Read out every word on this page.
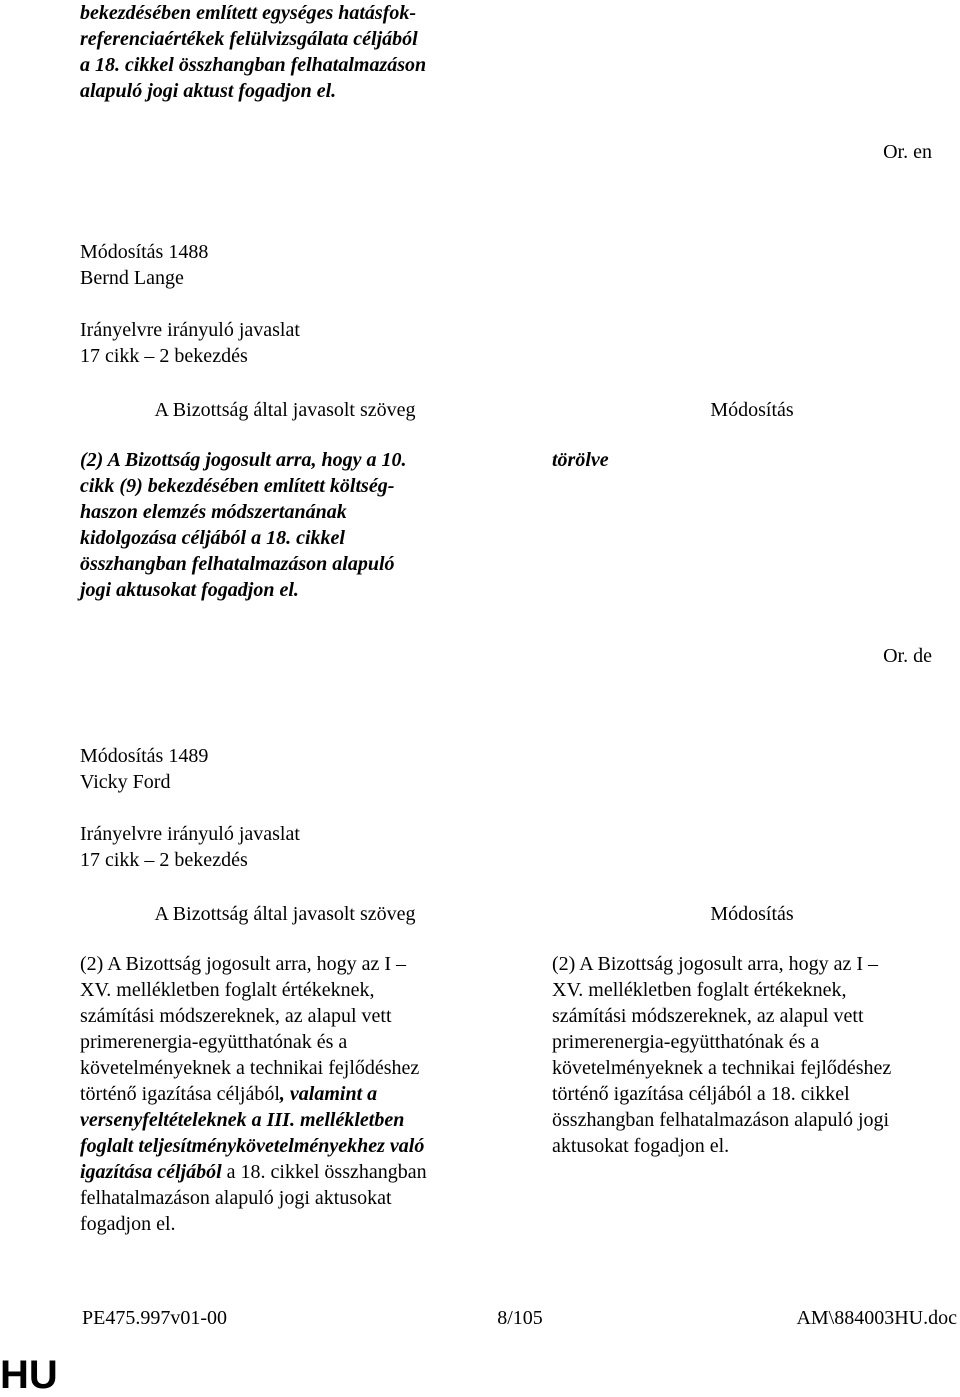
bekezdésében említett egységes hatásfok-
referenciaértékek felülvizsgálata céljából
a 18. cikkel összhangban felhatalmazáson
alapuló jogi aktust fogadjon el.
Or. en
Módosítás 1488
Bernd Lange
Irányelvre irányuló javaslat
17 cikk – 2 bekezdés
A Bizottság által javasolt szöveg	Módosítás
(2) A Bizottság jogosult arra, hogy a 10.
cikk (9) bekezdésében említett költség-
haszon elemzés módszertanának
kidolgozása céljából a 18. cikkel
összhangban felhatalmazáson alapuló
jogi aktusokat fogadjon el.
törölve
Or. de
Módosítás 1489
Vicky Ford
Irányelvre irányuló javaslat
17 cikk – 2 bekezdés
A Bizottság által javasolt szöveg	Módosítás
(2) A Bizottság jogosult arra, hogy az I –
XV. mellékletben foglalt értékeknek,
számítási módszereknek, az alapul vett
primerenergia-együtthatónak és a
követelményeknek a technikai fejlődéshez
történő igazítása céljából, valamint a
versenyfeltételeknek a III. mellékletben
foglalt teljesítménykövetelményekhez való
igazítása céljából a 18. cikkel összhangban
felhatalmazáson alapuló jogi aktusokat
fogadjon el.
(2) A Bizottság jogosult arra, hogy az I –
XV. mellékletben foglalt értékeknek,
számítási módszereknek, az alapul vett
primerenergia-együtthatónak és a
követelményeknek a technikai fejlődéshez
történő igazítása céljából a 18. cikkel
összhangban felhatalmazáson alapuló jogi
aktusokat fogadjon el.
PE475.997v01-00	8/105	AM\884003HU.doc
HU
